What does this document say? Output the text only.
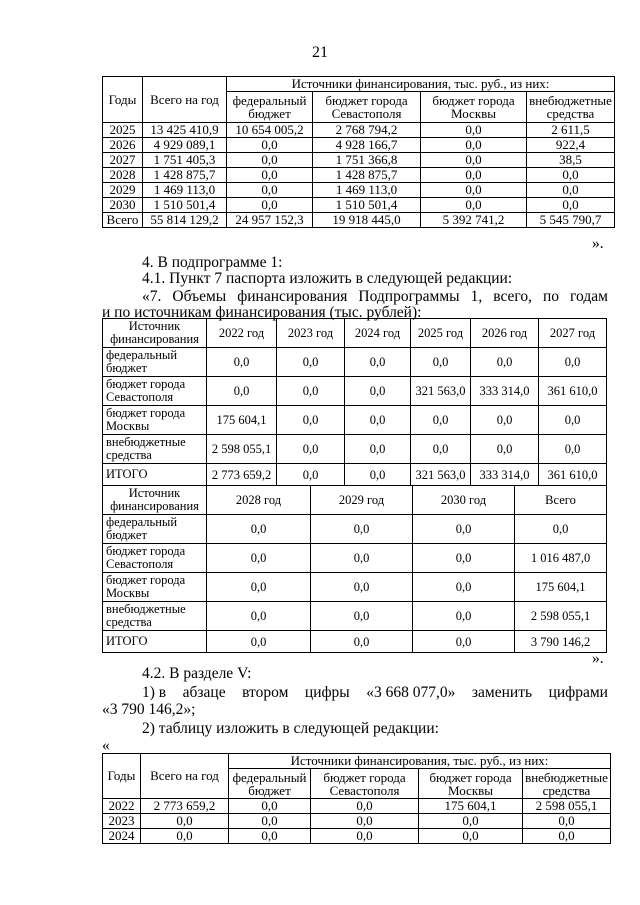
21
Годы	Всего на год	Источники финансирования, тыс. руб., из них:			
		федеральный бюджет	бюджет города Севастополя	бюджет города Москвы	внебюджетные средства
2025	13 425 410,9	10 654 005,2	2 768 794,2	0,0	2 611,5
2026	4 929 089,1	0,0	4 928 166,7	0,0	922,4
2027	1 751 405,3	0,0	1 751 366,8	0,0	38,5
2028	1 428 875,7	0,0	1 428 875,7	0,0	0,0
2029	1 469 113,0	0,0	1 469 113,0	0,0	0,0
2030	1 510 501,4	0,0	1 510 501,4	0,0	0,0
Всего	55 814 129,2	24 957 152,3	19 918 445,0	5 392 741,2	5 545 790,7
».
4. В подпрограмме 1:
4.1. Пункт 7 паспорта изложить в следующей редакции:
«7. Объемы финансирования Подпрограммы 1, всего, по годам
и по источникам финансирования (тыс. рублей):
Источник финансирования	2022 год	2023 год	2024 год	2025 год	2026 год	2027 год
федеральный бюджет	0,0	0,0	0,0	0,0	0,0	0,0
бюджет города Севастополя	0,0	0,0	0,0	321 563,0	333 314,0	361 610,0
бюджет города Москвы	175 604,1	0,0	0,0	0,0	0,0	0,0
внебюджетные средства	2 598 055,1	0,0	0,0	0,0	0,0	0,0
ИТОГО	2 773 659,2	0,0	0,0	321 563,0	333 314,0	361 610,0
Источник финансирования	2028 год	2029 год	2030 год	Всего
федеральный бюджет	0,0	0,0	0,0	0,0
бюджет города Севастополя	0,0	0,0	0,0	1 016 487,0
бюджет города Москвы	0,0	0,0	0,0	175 604,1
внебюджетные средства	0,0	0,0	0,0	2 598 055,1
ИТОГО	0,0	0,0	0,0	3 790 146,2
».
4.2. В разделе V:
1) в абзаце втором цифры «3 668 077,0» заменить цифрами
«3 790 146,2»;
2) таблицу изложить в следующей редакции:
«
Годы	Всего на год	Источники финансирования, тыс. руб., из них:			
		федеральный бюджет	бюджет города Севастополя	бюджет города Москвы	внебюджетные средства
2022	2 773 659,2	0,0	0,0	175 604,1	2 598 055,1
2023	0,0	0,0	0,0	0,0	0,0
2024	0,0	0,0	0,0	0,0	0,0
